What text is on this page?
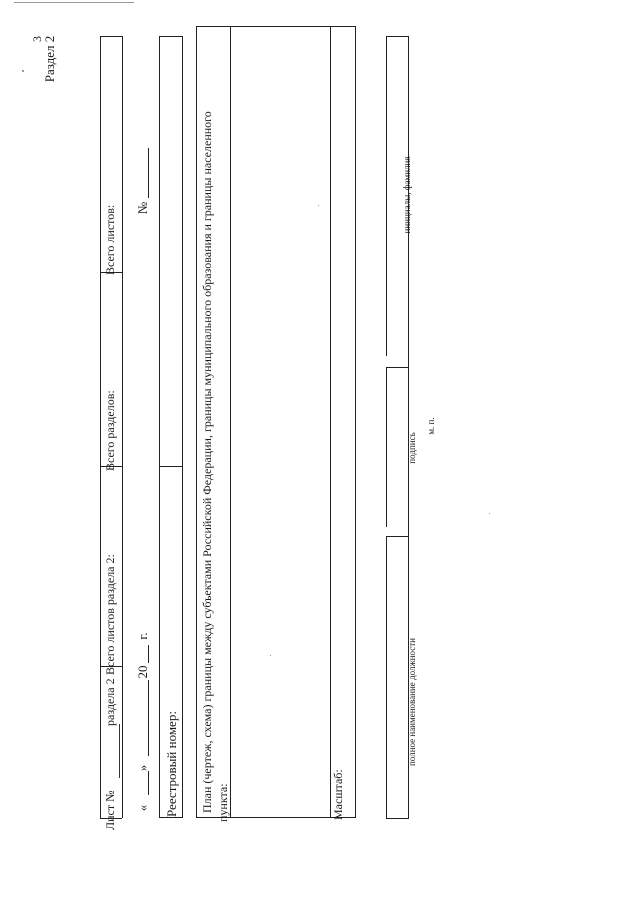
3
Раздел 2
Лист №
раздела 2
Всего листов раздела 2:
Всего разделов:
Всего листов:
«
»
20
г.
№
Реестровый номер: План (чертеж, схема) границы между субъектами Российской Федерации, границы муниципального образования и границы населенного пункта:	Масштаб:
полное наименование должности
подпись
инициалы, фамилия
м. п.
